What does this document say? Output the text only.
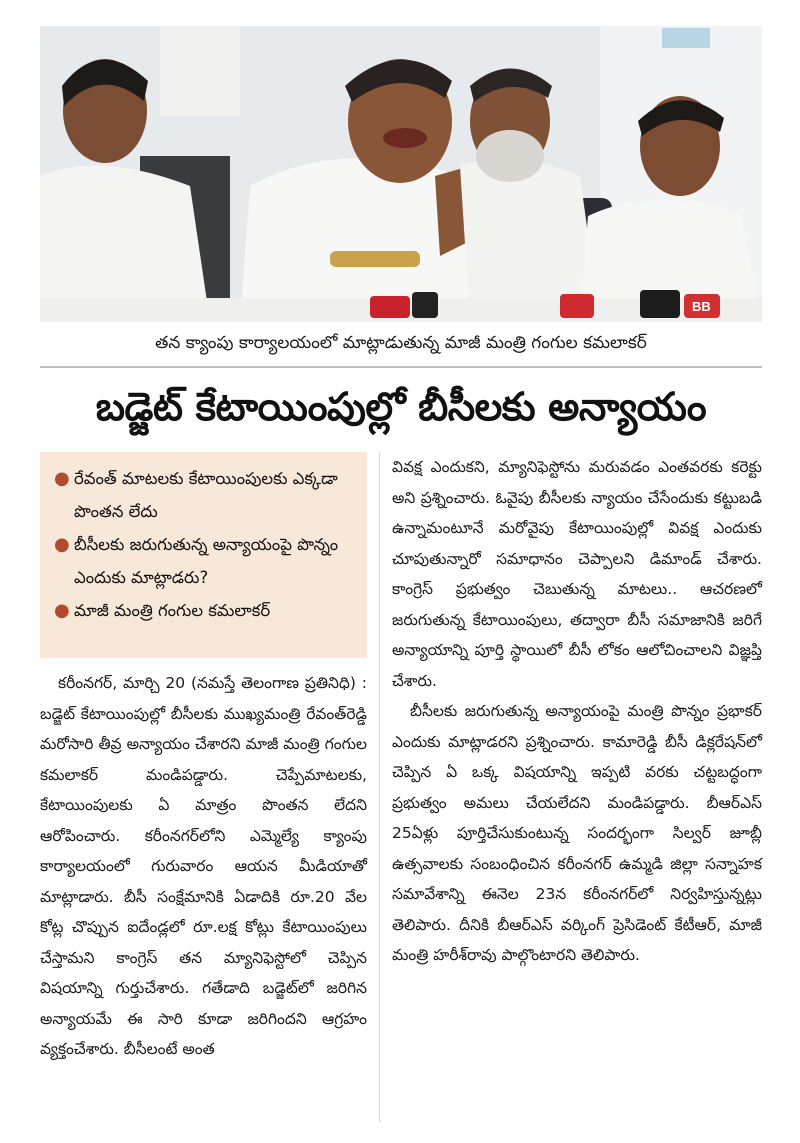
BB
తన క్యాంపు కార్యాలయంలో మాట్లాడుతున్న మాజీ మంత్రి గంగుల కమలాకర్
బడ్జెట్ కేటాయింపుల్లో బీసీలకు అన్యాయం
● రేవంత్ మాటలకు కేటాయింపులకు ఎక్కడా పొంతన లేదు
● బీసీలకు జరుగుతున్న అన్యాయంపై పొన్నం ఎందుకు మాట్లాడరు?
● మాజీ మంత్రి గంగుల కమలాకర్

కరీంనగర్, మార్చి 20 (నమస్తే తెలంగాణ ప్రతినిధి) : బడ్జెట్ కేటాయింపుల్లో బీసీలకు ముఖ్యమంత్రి రేవంత్‌రెడ్డి మరోసారి తీవ్ర అన్యాయం చేశారని మాజీ మంత్రి గంగుల కమలాకర్ మండిపడ్డారు. చెప్పేమాటలకు, కేటాయింపులకు ఏ మాత్రం పొంతన లేదని ఆరోపించారు. కరీంనగర్‌లోని ఎమ్మెల్యే క్యాంపు కార్యాలయంలో గురువారం ఆయన మీడియాతో మాట్లాడారు. బీసీ సంక్షేమానికి ఏడాదికి రూ.20 వేల కోట్ల చొప్పున ఐదేండ్లలో రూ.లక్ష కోట్లు కేటాయింపులు చేస్తామని కాంగ్రెస్ తన మ్యానిఫెస్టోలో చెప్పిన విషయాన్ని గుర్తుచేశారు. గతేడాది బడ్జెట్‌లో జరిగిన అన్యాయమే ఈ సారి కూడా జరిగిందని ఆగ్రహం వ్యక్తంచేశారు. బీసీలంటే అంత

వివక్ష ఎందుకని, మ్యానిఫెస్టోను మరువడం ఎంతవరకు కరెక్టు అని ప్రశ్నించారు. ఓవైపు బీసీలకు న్యాయం చేసేందుకు కట్టుబడి ఉన్నామంటూనే మరోవైపు కేటాయింపుల్లో వివక్ష ఎందుకు చూపుతున్నారో సమాధానం చెప్పాలని డిమాండ్ చేశారు. కాంగ్రెస్ ప్రభుత్వం చెబుతున్న మాటలు.. ఆచరణలో జరుగుతున్న కేటాయింపులు, తద్వారా బీసీ సమాజానికి జరిగే అన్యాయాన్ని పూర్తి స్థాయిలో బీసీ లోకం ఆలోచించాలని విజ్ఞప్తి చేశారు.

బీసీలకు జరుగుతున్న అన్యాయంపై మంత్రి పొన్నం ప్రభాకర్ ఎందుకు మాట్లాడరని ప్రశ్నించారు. కామారెడ్డి బీసీ డిక్లరేషన్‌లో చెప్పిన ఏ ఒక్క విషయాన్ని ఇప్పటి వరకు చట్టబద్ధంగా ప్రభుత్వం అమలు చేయలేదని మండిపడ్డారు. బీఆర్ఎస్ 25ఏళ్లు పూర్తిచేసుకుంటున్న సందర్భంగా సిల్వర్ జూబ్లీ ఉత్సవాలకు సంబంధించిన కరీంనగర్ ఉమ్మడి జిల్లా సన్నాహక సమావేశాన్ని ఈనెల 23న కరీంనగర్‌లో నిర్వహిస్తున్నట్లు తెలిపారు. దీనికి బీఆర్ఎస్ వర్కింగ్ ప్రెసిడెంట్ కేటీఆర్, మాజీ మంత్రి హరీశ్‌రావు పాల్గొంటారని తెలిపారు.
